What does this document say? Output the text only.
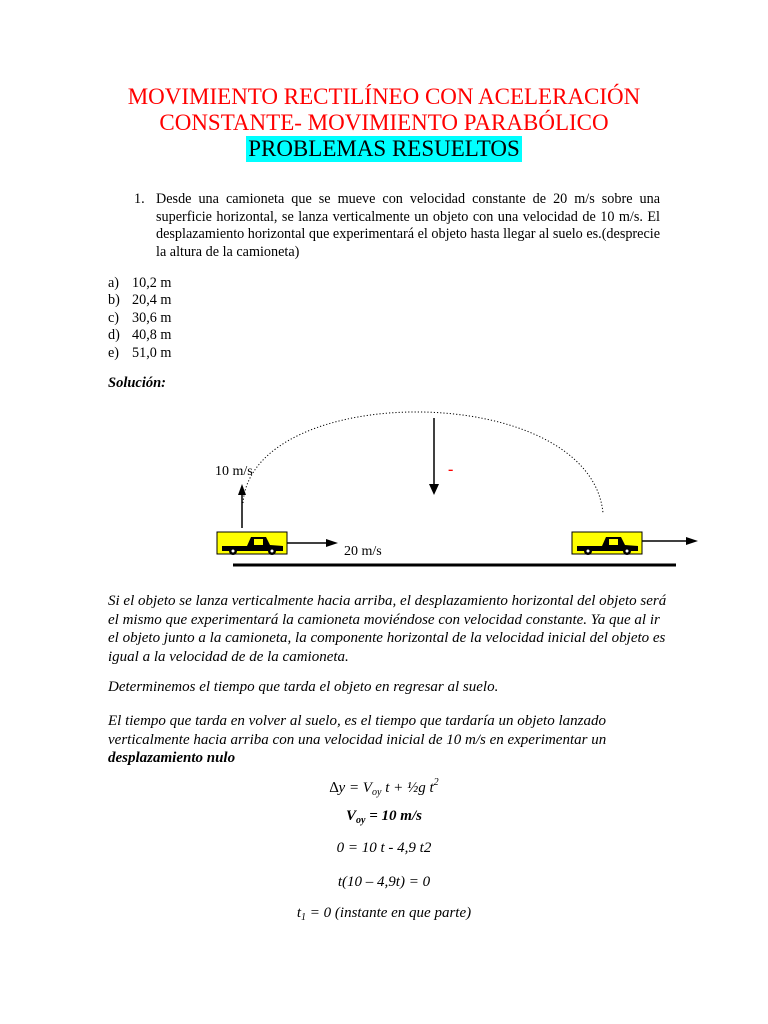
MOVIMIENTO RECTILÍNEO CON ACELERACIÓN
CONSTANTE- MOVIMIENTO PARABÓLICO
PROBLEMAS RESUELTOS
1. Desde una camioneta que se mueve con velocidad constante de 20 m/s sobre una superficie horizontal, se lanza verticalmente un objeto con una velocidad de 10 m/s. El desplazamiento horizontal que experimentará el objeto hasta llegar al suelo es.(desprecie la altura de la camioneta)
a) 10,2 m
b) 20,4 m
c) 30,6 m
d) 40,8 m
e) 51,0 m
Solución:
10 m/s	-
20 m/s
Si el objeto se lanza verticalmente hacia arriba, el desplazamiento horizontal del objeto será el mismo que experimentará la camioneta moviéndose con velocidad constante. Ya que al ir el objeto junto a la camioneta, la componente horizontal de la velocidad inicial del objeto es igual a la velocidad de de la camioneta.
Determinemos el tiempo que tarda el objeto en regresar al suelo.
El tiempo que tarda en volver al suelo, es el tiempo que tardaría un objeto lanzado verticalmente hacia arriba con una velocidad inicial de 10 m/s en experimentar un desplazamiento nulo
$\Delta y = V_{oy}$ t + ½g $t^2$
$V_{oy} = 10$ m/s
0 = 10 t - 4,9 t2
t(10 – 4,9t) = 0
$t_1 = 0$ (instante en que parte)
